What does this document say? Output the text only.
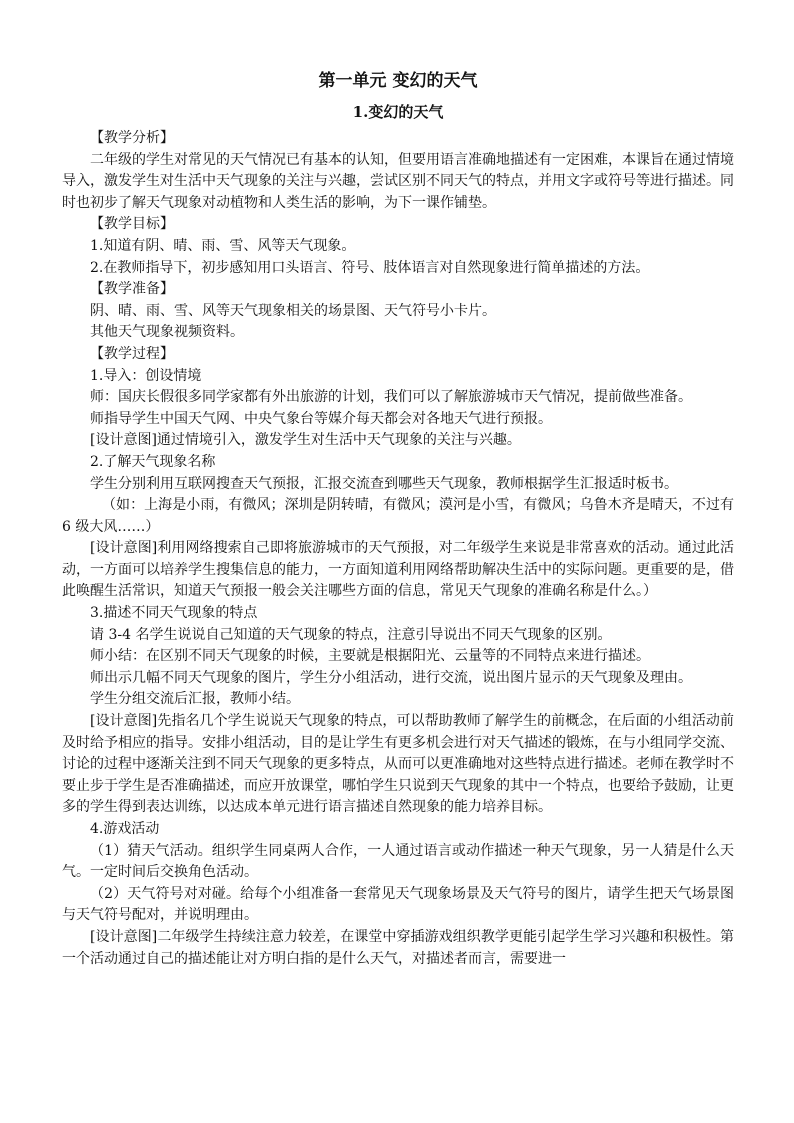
第一单元 变幻的天气
1.变幻的天气

【教学分析】

二年级的学生对常见的天气情况已有基本的认知，但要用语言准确地描述有一定困难，本课旨在通过情境导入，激发学生对生活中天气现象的关注与兴趣，尝试区别不同天气的特点，并用文字或符号等进行描述。同时也初步了解天气现象对动植物和人类生活的影响，为下一课作铺垫。

【教学目标】

1.知道有阴、晴、雨、雪、风等天气现象。

2.在教师指导下，初步感知用口头语言、符号、肢体语言对自然现象进行简单描述的方法。

【教学准备】

阴、晴、雨、雪、风等天气现象相关的场景图、天气符号小卡片。

其他天气现象视频资料。

【教学过程】

1.导入：创设情境

师：国庆长假很多同学家都有外出旅游的计划，我们可以了解旅游城市天气情况，提前做些准备。

师指导学生中国天气网、中央气象台等媒介每天都会对各地天气进行预报。

[设计意图]通过情境引入，激发学生对生活中天气现象的关注与兴趣。

2.了解天气现象名称

学生分别利用互联网搜查天气预报，汇报交流查到哪些天气现象，教师根据学生汇报适时板书。

（如：上海是小雨，有微风；深圳是阴转晴，有微风；漠河是小雪，有微风；乌鲁木齐是晴天，不过有 6 级大风……）

[设计意图]利用网络搜索自己即将旅游城市的天气预报，对二年级学生来说是非常喜欢的活动。通过此活动，一方面可以培养学生搜集信息的能力，一方面知道利用网络帮助解决生活中的实际问题。更重要的是，借此唤醒生活常识，知道天气预报一般会关注哪些方面的信息，常见天气现象的准确名称是什么。）

3.描述不同天气现象的特点

请 3-4 名学生说说自己知道的天气现象的特点，注意引导说出不同天气现象的区别。

师小结：在区别不同天气现象的时候，主要就是根据阳光、云量等的不同特点来进行描述。

师出示几幅不同天气现象的图片，学生分小组活动，进行交流，说出图片显示的天气现象及理由。

学生分组交流后汇报，教师小结。

[设计意图]先指名几个学生说说天气现象的特点，可以帮助教师了解学生的前概念，在后面的小组活动前及时给予相应的指导。安排小组活动，目的是让学生有更多机会进行对天气描述的锻炼，在与小组同学交流、讨论的过程中逐渐关注到不同天气现象的更多特点，从而可以更准确地对这些特点进行描述。老师在教学时不要止步于学生是否准确描述，而应开放课堂，哪怕学生只说到天气现象的其中一个特点，也要给予鼓励，让更多的学生得到表达训练，以达成本单元进行语言描述自然现象的能力培养目标。

4.游戏活动

（1）猜天气活动。组织学生同桌两人合作，一人通过语言或动作描述一种天气现象，另一人猜是什么天气。一定时间后交换角色活动。

（2）天气符号对对碰。给每个小组准备一套常见天气现象场景及天气符号的图片，请学生把天气场景图与天气符号配对，并说明理由。

[设计意图]二年级学生持续注意力较差，在课堂中穿插游戏组织教学更能引起学生学习兴趣和积极性。第一个活动通过自己的描述能让对方明白指的是什么天气，对描述者而言，需要进一
